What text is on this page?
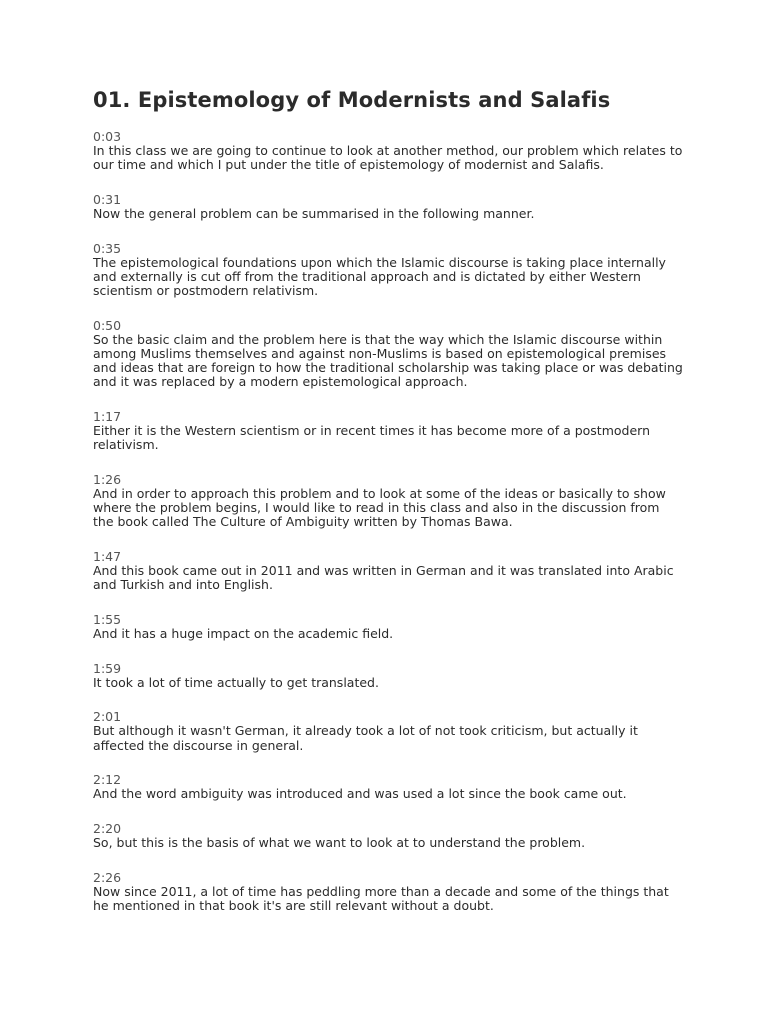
01. Epistemology of Modernists and Salafis
0:03
In this class we are going to continue to look at another method, our problem which relates to our time and which I put under the title of epistemology of modernist and Salafis.
0:31
Now the general problem can be summarised in the following manner.
0:35
The epistemological foundations upon which the Islamic discourse is taking place internally and externally is cut off from the traditional approach and is dictated by either Western scientism or postmodern relativism.
0:50
So the basic claim and the problem here is that the way which the Islamic discourse within among Muslims themselves and against non-Muslims is based on epistemological premises and ideas that are foreign to how the traditional scholarship was taking place or was debating and it was replaced by a modern epistemological approach.
1:17
Either it is the Western scientism or in recent times it has become more of a postmodern relativism.
1:26
And in order to approach this problem and to look at some of the ideas or basically to show where the problem begins, I would like to read in this class and also in the discussion from the book called The Culture of Ambiguity written by Thomas Bawa.
1:47
And this book came out in 2011 and was written in German and it was translated into Arabic and Turkish and into English.
1:55
And it has a huge impact on the academic field.
1:59
It took a lot of time actually to get translated.
2:01
But although it wasn't German, it already took a lot of not took criticism, but actually it affected the discourse in general.
2:12
And the word ambiguity was introduced and was used a lot since the book came out.
2:20
So, but this is the basis of what we want to look at to understand the problem.
2:26
Now since 2011, a lot of time has peddling more than a decade and some of the things that he mentioned in that book it's are still relevant without a doubt.
